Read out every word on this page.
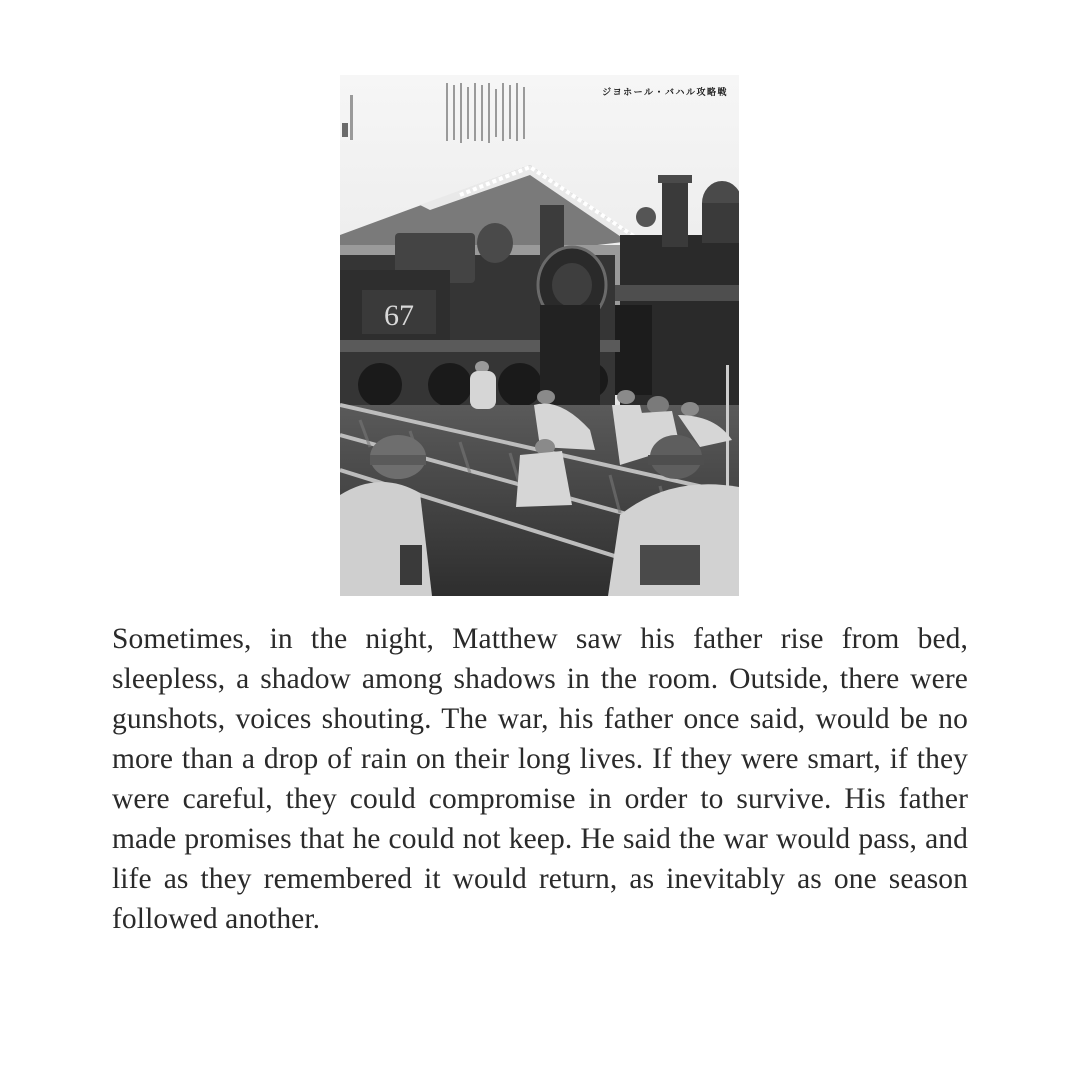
ジヨホール・バハル攻略戦
67

Sometimes, in the night, Matthew saw his father rise from bed, sleepless, a shadow among shadows in the room. Outside, there were gunshots, voices shouting. The war, his father once said, would be no more than a drop of rain on their long lives. If they were smart, if they were careful, they could compromise in order to survive. His father made promises that he could not keep. He said the war would pass, and life as they remembered it would return, as inevitably as one season followed another.
